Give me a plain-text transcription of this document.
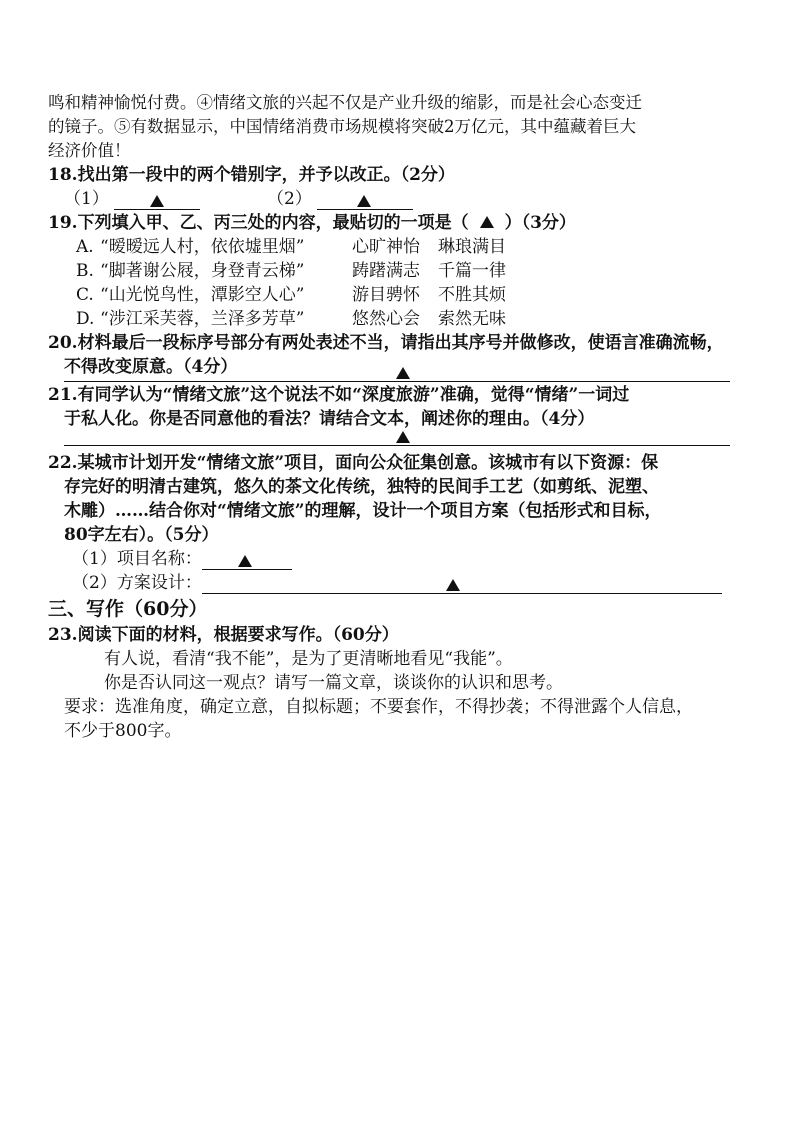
鸣和精神愉悦付费。④情绪文旅的兴起不仅是产业升级的缩影，而是社会心态变迁
的镜子。⑤有数据显示，中国情绪消费市场规模将突破2万亿元，其中蕴藏着巨大
经济价值！
18.找出第一段中的两个错别字，并予以改正。（2分）
（1）	（2）
19.下列填入甲、乙、丙三处的内容，最贴切的一项是（ ）（3分）
A. “暧暧远人村，依依墟里烟”	心旷神怡 琳琅满目
B. “脚著谢公屐，身登青云梯”	踌躇满志 千篇一律
C. “山光悦鸟性，潭影空人心”	游目骋怀 不胜其烦
D. “涉江采芙蓉，兰泽多芳草”	悠然心会 索然无味
20.材料最后一段标序号部分有两处表述不当，请指出其序号并做修改，使语言准确流畅，
不得改变原意。（4分）
21.有同学认为“情绪文旅”这个说法不如“深度旅游”准确，觉得“情绪”一词过
于私人化。你是否同意他的看法？请结合文本，阐述你的理由。（4分）
22.某城市计划开发“情绪文旅”项目，面向公众征集创意。该城市有以下资源：保
存完好的明清古建筑，悠久的茶文化传统，独特的民间手工艺（如剪纸、泥塑、
木雕）……结合你对“情绪文旅”的理解，设计一个项目方案（包括形式和目标，
80字左右）。（5分）
（1）项目名称：
（2）方案设计：
三、写作（60分）
23.阅读下面的材料，根据要求写作。（60分）
有人说，看清“我不能”，是为了更清晰地看见“我能”。
你是否认同这一观点？请写一篇文章，谈谈你的认识和思考。
要求：选准角度，确定立意，自拟标题；不要套作，不得抄袭；不得泄露个人信息，
不少于800字。
